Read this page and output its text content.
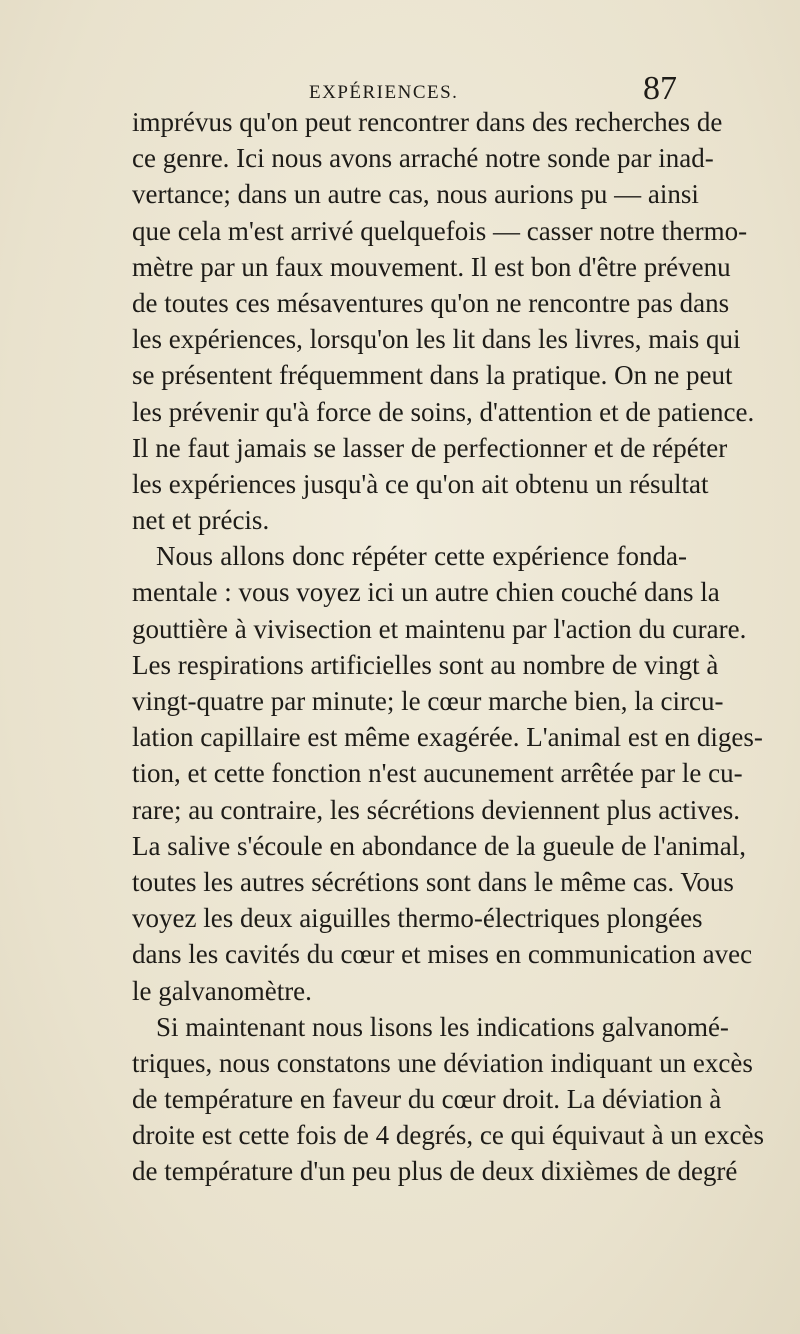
EXPÉRIENCES.	87
imprévus qu'on peut rencontrer dans des recherches de
ce genre. Ici nous avons arraché notre sonde par inad-
vertance; dans un autre cas, nous aurions pu — ainsi
que cela m'est arrivé quelquefois — casser notre thermo-
mètre par un faux mouvement. Il est bon d'être prévenu
de toutes ces mésaventures qu'on ne rencontre pas dans
les expériences, lorsqu'on les lit dans les livres, mais qui
se présentent fréquemment dans la pratique. On ne peut
les prévenir qu'à force de soins, d'attention et de patience.
Il ne faut jamais se lasser de perfectionner et de répéter
les expériences jusqu'à ce qu'on ait obtenu un résultat
net et précis.
Nous allons donc répéter cette expérience fonda-
mentale : vous voyez ici un autre chien couché dans la
gouttière à vivisection et maintenu par l'action du curare.
Les respirations artificielles sont au nombre de vingt à
vingt-quatre par minute; le cœur marche bien, la circu-
lation capillaire est même exagérée. L'animal est en diges-
tion, et cette fonction n'est aucunement arrêtée par le cu-
rare; au contraire, les sécrétions deviennent plus actives.
La salive s'écoule en abondance de la gueule de l'animal,
toutes les autres sécrétions sont dans le même cas. Vous
voyez les deux aiguilles thermo-électriques plongées
dans les cavités du cœur et mises en communication avec
le galvanomètre.
Si maintenant nous lisons les indications galvanomé-
triques, nous constatons une déviation indiquant un excès
de température en faveur du cœur droit. La déviation à
droite est cette fois de 4 degrés, ce qui équivaut à un excès
de température d'un peu plus de deux dixièmes de degré
